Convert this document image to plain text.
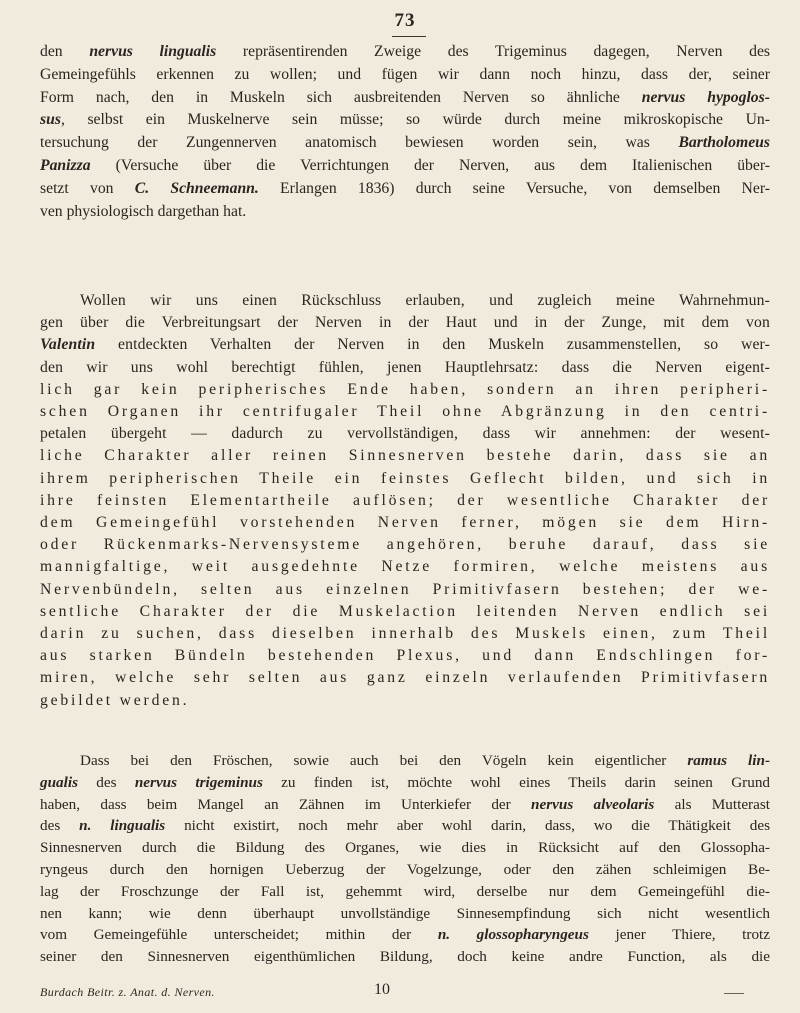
73
den nervus lingualis repräsentirenden Zweige des Trigeminus dagegen, Nerven des
Gemeingefühls erkennen zu wollen; und fügen wir dann noch hinzu, dass der, seiner
Form nach, den in Muskeln sich ausbreitenden Nerven so ähnliche nervus hypoglos-
sus, selbst ein Muskelnerve sein müsse; so würde durch meine mikroskopische Un-
tersuchung der Zungennerven anatomisch bewiesen worden sein, was Bartholomeus
Panizza (Versuche über die Verrichtungen der Nerven, aus dem Italienischen über-
setzt von C. Schneemann. Erlangen 1836) durch seine Versuche, von demselben Ner-
ven physiologisch dargethan hat.
Wollen wir uns einen Rückschluss erlauben, und zugleich meine Wahrnehmun-
gen über die Verbreitungsart der Nerven in der Haut und in der Zunge, mit dem von
Valentin entdeckten Verhalten der Nerven in den Muskeln zusammenstellen, so wer-
den wir uns wohl berechtigt fühlen, jenen Hauptlehrsatz: dass die Nerven eigent-
lich gar kein peripherisches Ende haben, sondern an ihren peripheri-
schen Organen ihr centrifugaler Theil ohne Abgränzung in den centri-
petalen übergeht — dadurch zu vervollständigen, dass wir annehmen: der wesent-
liche Charakter aller reinen Sinnesnerven bestehe darin, dass sie an
ihrem peripherischen Theile ein feinstes Geflecht bilden, und sich in
ihre feinsten Elementartheile auflösen; der wesentliche Charakter der
dem Gemeingefühl vorstehenden Nerven ferner, mögen sie dem Hirn-
oder Rückenmarks-Nervensysteme angehören, beruhe darauf, dass sie
mannigfaltige, weit ausgedehnte Netze formiren, welche meistens aus
Nervenbündeln, selten aus einzelnen Primitivfasern bestehen; der we-
sentliche Charakter der die Muskelaction leitenden Nerven endlich sei
darin zu suchen, dass dieselben innerhalb des Muskels einen, zum Theil
aus starken Bündeln bestehenden Plexus, und dann Endschlingen for-
miren, welche sehr selten aus ganz einzeln verlaufenden Primitivfasern
gebildet werden.
Dass bei den Fröschen, sowie auch bei den Vögeln kein eigentlicher ramus lin-
gualis des nervus trigeminus zu finden ist, möchte wohl eines Theils darin seinen Grund
haben, dass beim Mangel an Zähnen im Unterkiefer der nervus alveolaris als Mutterast
des n. lingualis nicht existirt, noch mehr aber wohl darin, dass, wo die Thätigkeit des
Sinnesnerven durch die Bildung des Organes, wie dies in Rücksicht auf den Glossopha-
ryngeus durch den hornigen Ueberzug der Vogelzunge, oder den zähen schleimigen Be-
lag der Froschzunge der Fall ist, gehemmt wird, derselbe nur dem Gemeingefühl die-
nen kann; wie denn überhaupt unvollständige Sinnesempfindung sich nicht wesentlich
vom Gemeingefühle unterscheidet; mithin der n. glossopharyngeus jener Thiere, trotz
seiner den Sinnesnerven eigenthümlichen Bildung, doch keine andre Function, als die
Burdach Beitr. z. Anat. d. Nerven.	10
